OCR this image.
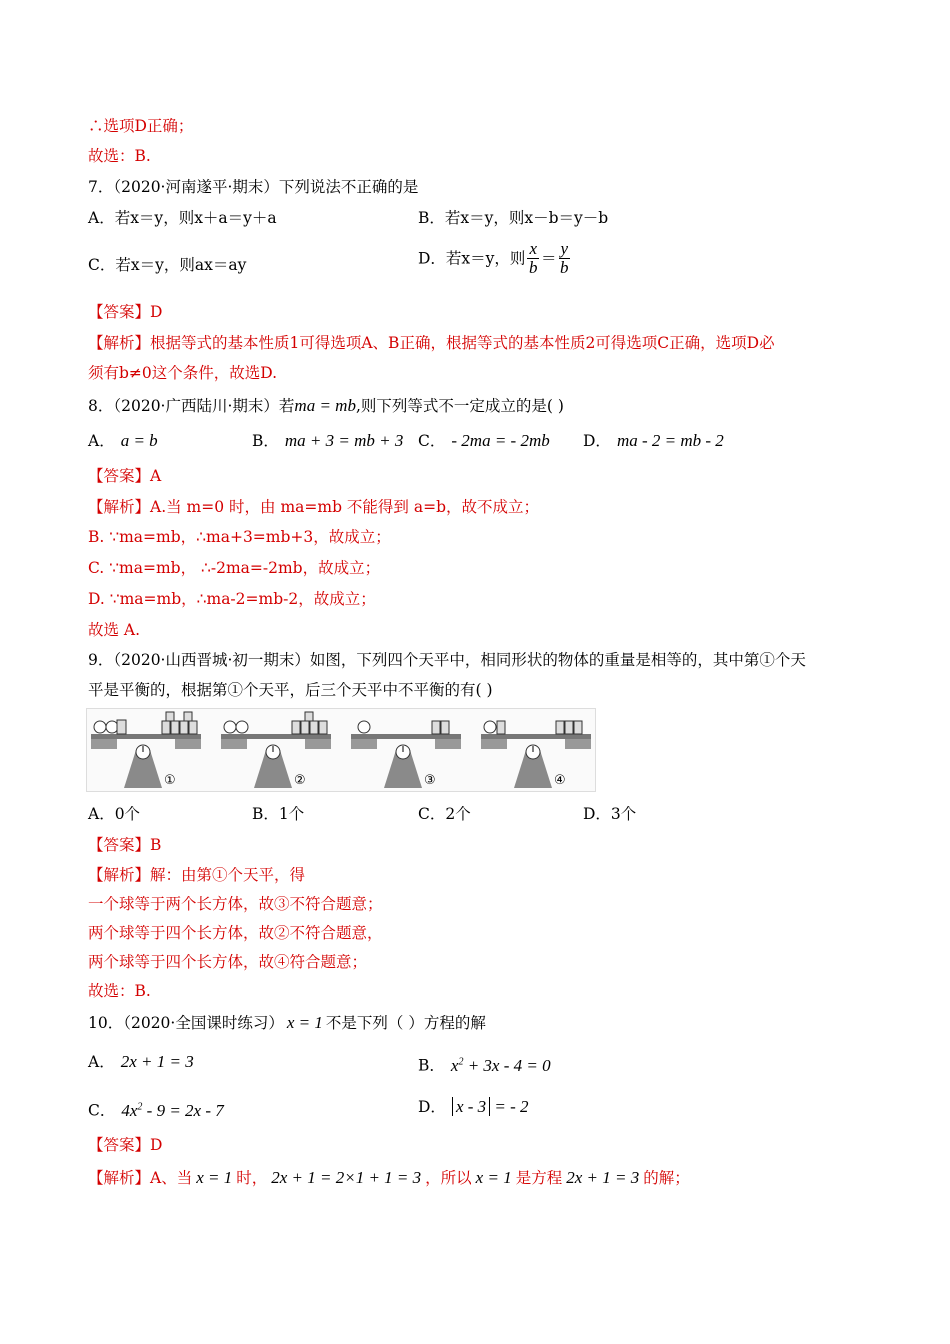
∴选项D正确；
故选：B.
7．（2020·河南遂平·期末）下列说法不正确的是
A．若x＝y，则x＋a＝y＋a	B．若x＝y，则x－b＝y－b
C．若x＝y，则ax＝ay	D．若x＝y，则 $\frac{x}{b} = \frac{y}{b}$
【答案】D
【解析】根据等式的基本性质1可得选项A、B正确，根据等式的基本性质2可得选项C正确，选项D必
须有b≠0这个条件，故选D.
8．（2020·广西陆川·期末）若ma = mb,则下列等式不一定成立的是( )
A． a = b	B． ma + 3 = mb + 3 C． - 2ma = - 2mb D． ma - 2 = mb - 2
【答案】A
【解析】A.当 m=0 时，由 ma=mb 不能得到 a=b，故不成立；
B. ∵ma=mb，∴ma+3=mb+3，故成立；
C. ∵ma=mb， ∴-2ma=-2mb，故成立；
D. ∵ma=mb，∴ma-2=mb-2，故成立；
故选 A.
9．（2020·山西晋城·初一期末）如图，下列四个天平中，相同形状的物体的重量是相等的，其中第①个天
平是平衡的，根据第①个天平，后三个天平中不平衡的有( )
①	②	③	④
A．0个	B．1个	C．2个	D．3个
【答案】B
【解析】解：由第①个天平，得
一个球等于两个长方体，故③不符合题意；
两个球等于四个长方体，故②不符合题意，
两个球等于四个长方体，故④符合题意；
故选：B.
10．（2020·全国课时练习） x = 1 不是下列（ ）方程的解
A． 2x + 1 = 3	B． $x^2 + 3x - 4 = 0$
C． $4x^2 - 9 = 2x - 7$	D． x - 3 = - 2
【答案】D
【解析】A、当 x = 1 时， 2x + 1 = 2×1 + 1 = 3 ，所以 x = 1 是方程 2x + 1 = 3 的解；
